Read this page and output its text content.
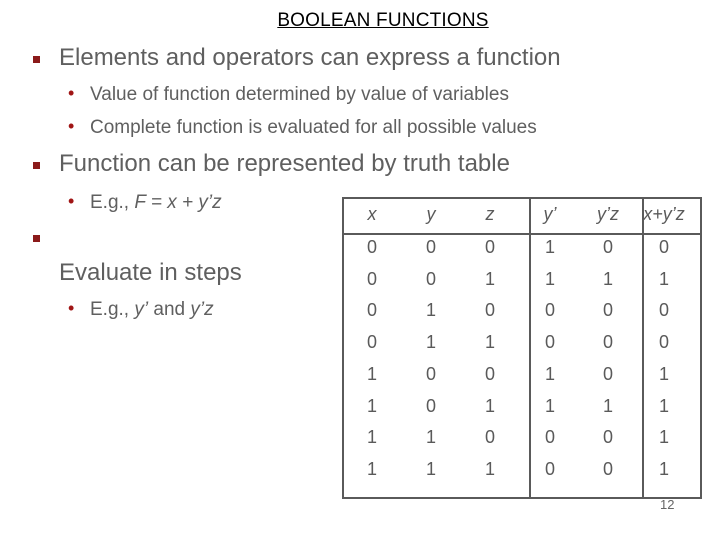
BOOLEAN FUNCTIONS
Elements and operators can express a function
• Value of function determined by value of variables
• Complete function is evaluated for all possible values
Function can be represented by truth table
• E.g., F = x + y’z
Evaluate in steps
• E.g., y’ and y’z
x	y	z	y’	y’z	x+y’z
0	0	0	1	0	0
0	0	1	1	1	1
0	1	0	0	0	0
0	1	1	0	0	0
1	0	0	1	0	1
1	0	1	1	1	1
1	1	0	0	0	1
1	1	1	0	0	1
12
